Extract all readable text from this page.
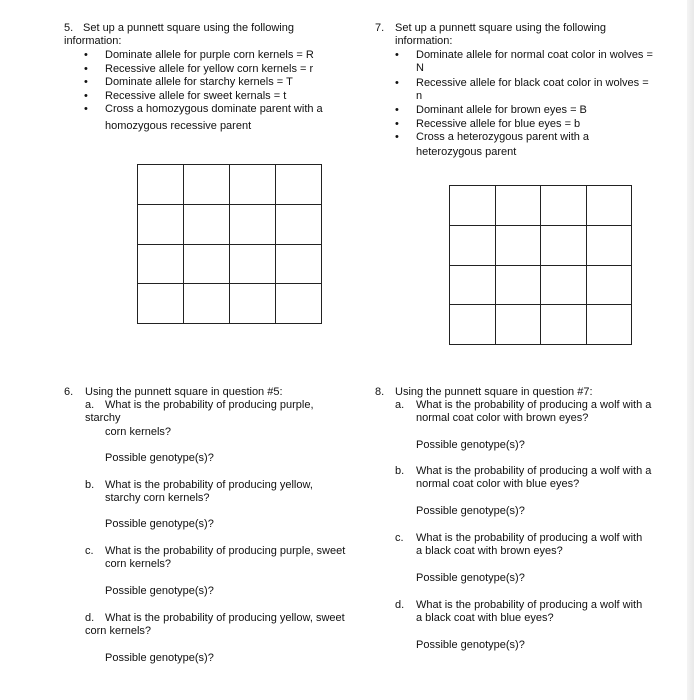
5. Set up a punnett square using the following
information:
• Dominate allele for purple corn kernels = R
• Recessive allele for yellow corn kernels = r
• Dominate allele for starchy kernels = T
• Recessive allele for sweet kernals = t
• Cross a homozygous dominate parent with a
homozygous recessive parent
7. Set up a punnett square using the following
information:
• Dominate allele for normal coat color in wolves =
N
• Recessive allele for black coat color in wolves =
n
• Dominant allele for brown eyes = B
• Recessive allele for blue eyes = b
• Cross a heterozygous parent with a
heterozygous parent
6. Using the punnett square in question #5:
a. What is the probability of producing purple,
starchy
corn kernels?
Possible genotype(s)?
b. What is the probability of producing yellow,
starchy corn kernels?
Possible genotype(s)?
c. What is the probability of producing purple, sweet
corn kernels?
Possible genotype(s)?
d. What is the probability of producing yellow, sweet
corn kernels?
Possible genotype(s)?
8. Using the punnett square in question #7:
a. What is the probability of producing a wolf with a
normal coat color with brown eyes?
Possible genotype(s)?
b. What is the probability of producing a wolf with a
normal coat color with blue eyes?
Possible genotype(s)?
c. What is the probability of producing a wolf with
a black coat with brown eyes?
Possible genotype(s)?
d. What is the probability of producing a wolf with
a black coat with blue eyes?
Possible genotype(s)?
